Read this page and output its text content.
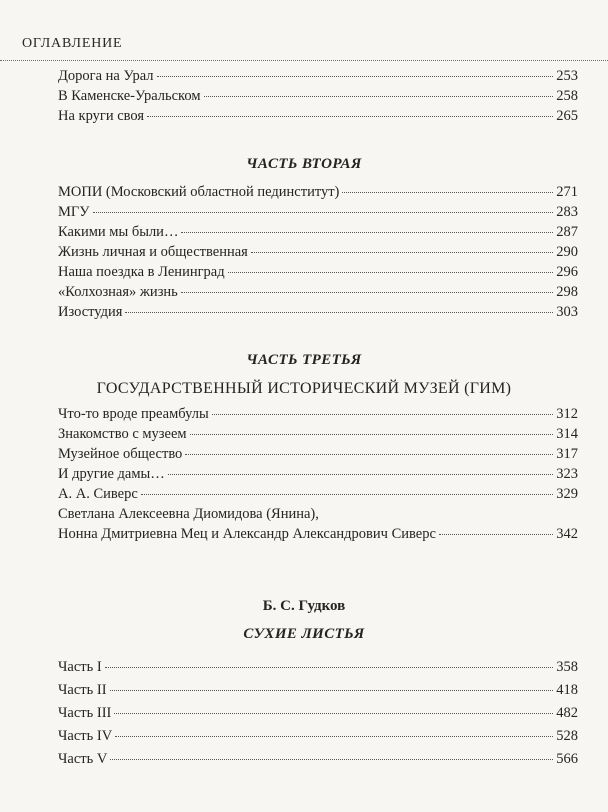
ОГЛАВЛЕНИЕ
Дорога на Урал	253
В Каменске-Уральском	258
На круги своя	265
ЧАСТЬ ВТОРАЯ
МОПИ (Московский областной пединститут)	271
МГУ	283
Какими мы были…	287
Жизнь личная и общественная	290
Наша поездка в Ленинград	296
«Колхозная» жизнь	298
Изостудия	303
ЧАСТЬ ТРЕТЬЯ
ГОСУДАРСТВЕННЫЙ ИСТОРИЧЕСКИЙ МУЗЕЙ (ГИМ)
Что-то вроде преамбулы	312
Знакомство с музеем	314
Музейное общество	317
И другие дамы…	323
А. А. Сиверс	329
Светлана Алексеевна Диомидова (Янина),
Нонна Дмитриевна Мец и Александр Александрович Сиверс	342
Б. С. Гудков
СУХИЕ ЛИСТЬЯ
Часть I	358
Часть II	418
Часть III	482
Часть IV	528
Часть V	566
